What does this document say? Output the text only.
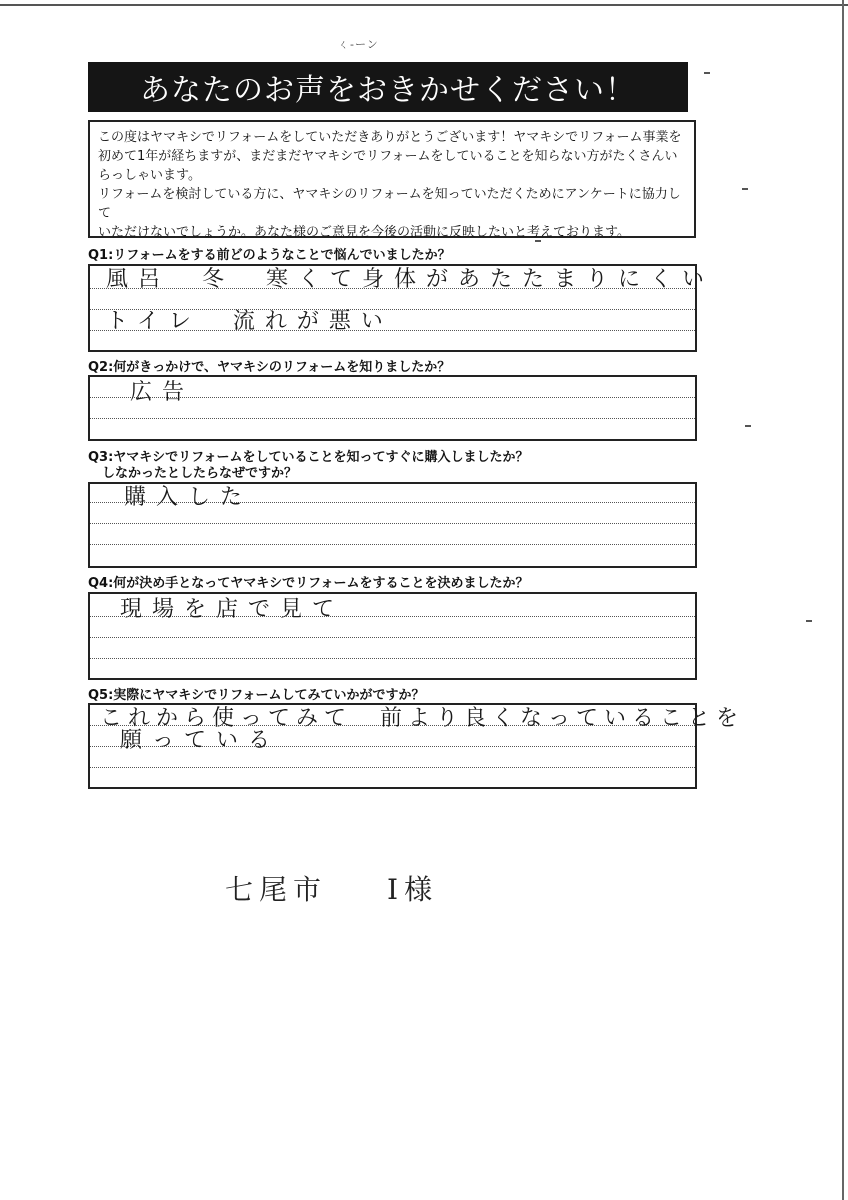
ㄑ‐ーン
あなたのお声をおきかせください！

この度はヤマキシでリフォームをしていただきありがとうございます！ヤマキシでリフォーム事業を

初めて1年が経ちますが、まだまだヤマキシでリフォームをしていることを知らない方がたくさんい

らっしゃいます。

リフォームを検討している方に、ヤマキシのリフォームを知っていただくためにアンケートに協力して

いただけないでしょうか。あなた様のご意見を今後の活動に反映したいと考えております。

Q1:リフォームをする前どのようなことで悩んでいましたか？
風呂　冬　寒くて身体があたたまりにくい
トイレ　流れが悪い
Q2:何がきっかけで、ヤマキシのリフォームを知りましたか？
広告
Q3:ヤマキシでリフォームをしていることを知ってすぐに購入しましたか？
しなかったとしたらなぜですか？
購入した
Q4:何が決め手となってヤマキシでリフォームをすることを決めましたか？
現場を店で見て
Q5:実際にヤマキシでリフォームしてみていかがですか？
これから使ってみて　前より良くなっていることを
願っている
七尾市 I様
